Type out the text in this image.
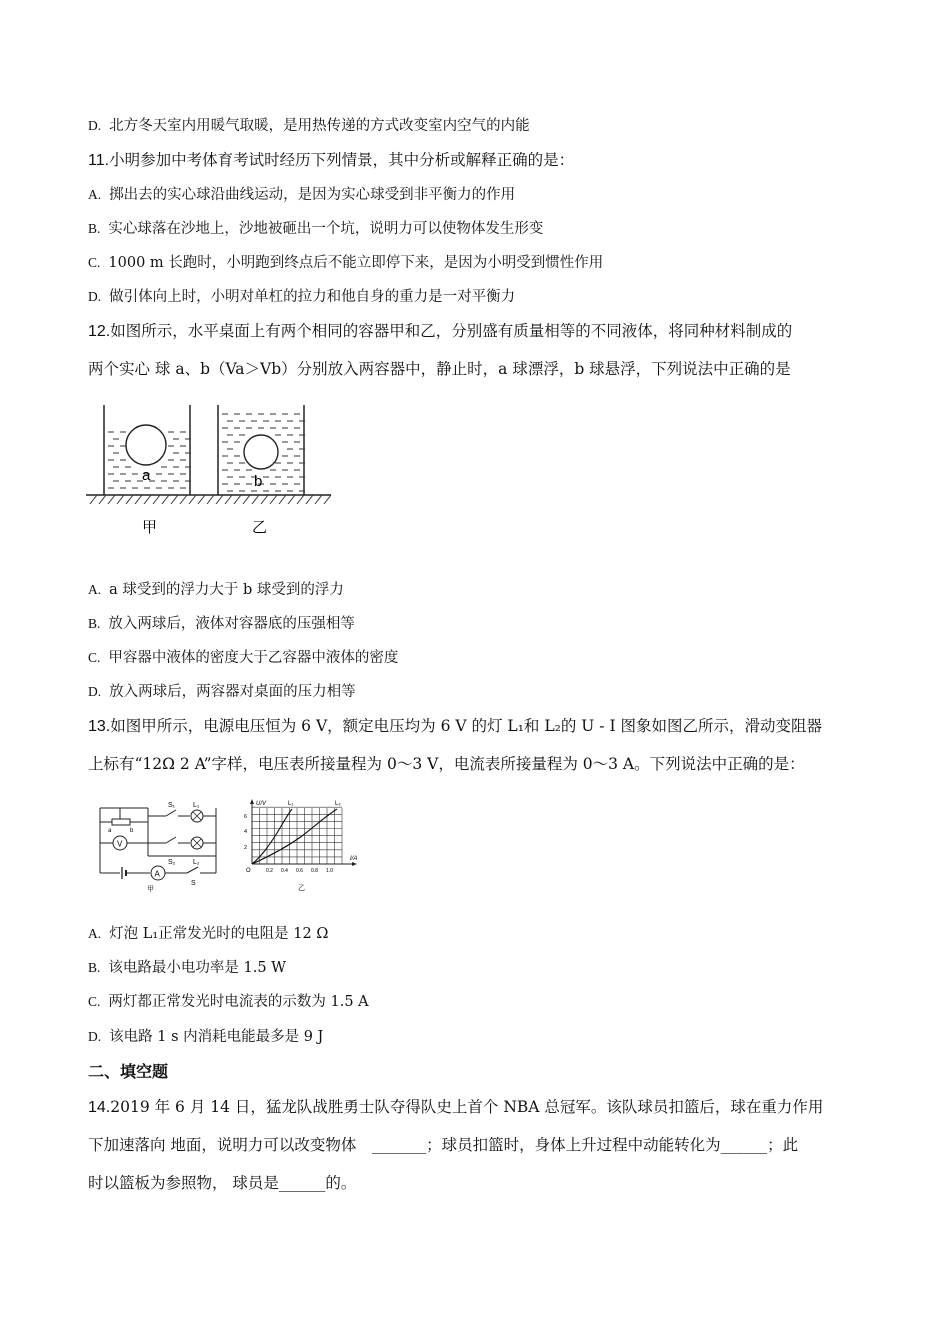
D. 北方冬天室内用暖气取暖，是用热传递的方式改变室内空气的内能
11.小明参加中考体育考试时经历下列情景，其中分析或解释正确的是：
A. 掷出去的实心球沿曲线运动，是因为实心球受到非平衡力的作用
B. 实心球落在沙地上，沙地被砸出一个坑，说明力可以使物体发生形变
C. 1000 m 长跑时，小明跑到终点后不能立即停下来，是因为小明受到惯性作用
D. 做引体向上时，小明对单杠的拉力和他自身的重力是一对平衡力
12.如图所示，水平桌面上有两个相同的容器甲和乙，分别盛有质量相等的不同液体，将同种材料制成的
两个实心 球 a、b（Va＞Vb）分别放入两容器中，静止时，a 球漂浮，b 球悬浮，下列说法中正确的是
a	b
甲	乙
A. a 球受到的浮力大于 b 球受到的浮力
B. 放入两球后，液体对容器底的压强相等
C. 甲容器中液体的密度大于乙容器中液体的密度
D. 放入两球后，两容器对桌面的压力相等
13.如图甲所示，电源电压恒为 6 V，额定电压均为 6 V 的灯 L₁和 L₂的 U - I 图象如图乙所示，滑动变阻器
上标有“12Ω 2 A”字样，电压表所接量程为 0～3 V，电流表所接量程为 0～3 A。下列说法中正确的是：
A
S
a	b
V
S₁	L₁
S₂	L₂
甲
U/V
I/A
O
6
4
2
0.2 0.4 0.6 0.8 1.0
L₁	L₂
乙
A. 灯泡 L₁正常发光时的电阻是 12 Ω
B. 该电路最小电功率是 1.5 W
C. 两灯都正常发光时电流表的示数为 1.5 A
D. 该电路 1 s 内消耗电能最多是 9 J
二、填空题
14.2019 年 6 月 14 日，猛龙队战胜勇士队夺得队史上首个 NBA 总冠军。该队球员扣篮后，球在重力作用
下加速落向 地面，说明力可以改变物体　_______；球员扣篮时，身体上升过程中动能转化为______；此
时以篮板为参照物， 球员是______的。
